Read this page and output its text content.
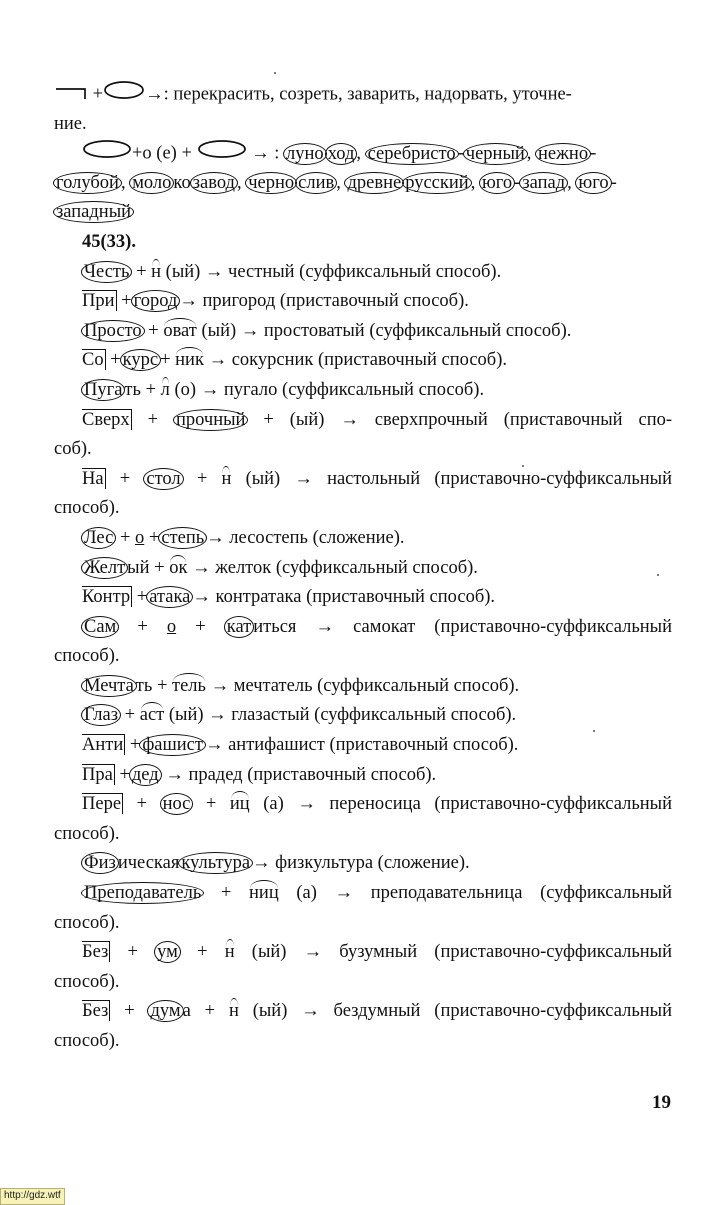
+ →: перекрасить, созреть, заварить, надорвать, уточне-
ние.
+о (е) +	→ : луно ход , серебристо - черный , нежно -
голубой , моло ко завод , черно слив , древне русский , юго - запад , юго -
западный
45(33).
Честь + н (ый) → честный (суффиксальный способ).
При + город → пригород (приставочный способ).
Просто + оват (ый) → простоватый (суффиксальный способ).
Со + курс + ник → сокурсник (приставочный способ).
Пуга ть + л (о) → пугало (суффиксальный способ).
Сверх + прочный + (ый) → сверхпрочный (приставочный спо-
соб).
На + стол + н (ый) → настольный (приставочно-суффиксальный
способ).
Лес + о + степь → лесостепь (сложение).
Желт ый + ок → желток (суффиксальный способ).
Контр + атака → контратака (приставочный способ).
Сам + о + кат иться → самокат (приставочно-суффиксальный
способ).
Мечта ть + тель → мечтатель (суффиксальный способ).
Глаз + аст (ый) → глазастый (суффиксальный способ).
Анти + фашист → антифашист (приставочный способ).
Пра + дед → прадед (приставочный способ).
Пере + нос + иц (а) → переносица (приставочно-суффиксальный
способ).
Физ ическая культура → физкультура (сложение).
Преподаватель + ниц (а) → преподавательница (суффиксальный
способ).
Без + ум + н (ый) → бузумный (приставочно-суффиксальный
способ).
Без + дум а + н (ый) → бездумный (приставочно-суффиксальный
способ).
19
http://gdz.wtf
